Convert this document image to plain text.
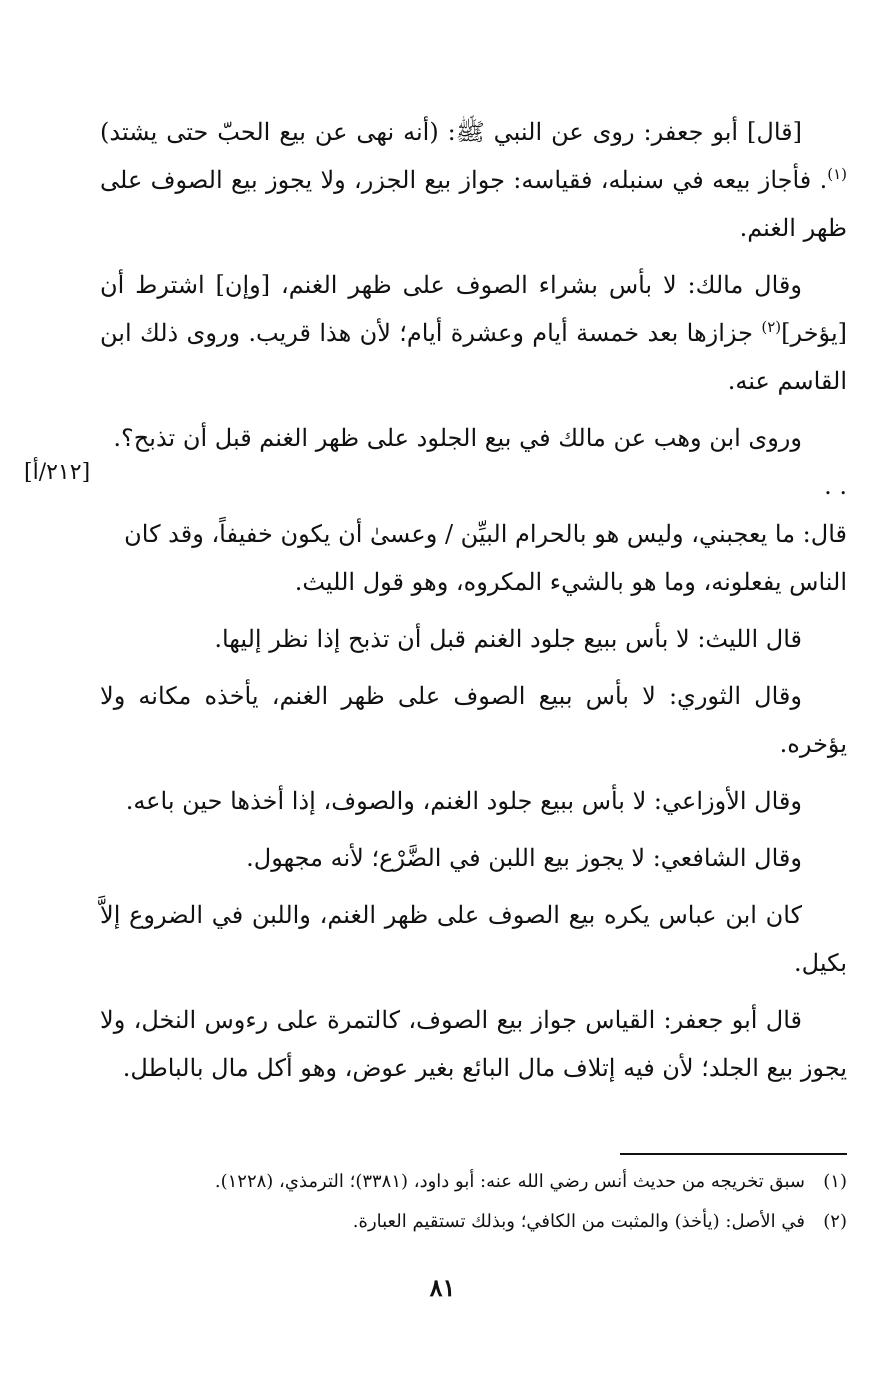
[قال] أبو جعفر: روى عن النبي ﷺ: (أنه نهى عن بيع الحبّ حتى يشتد)$^{(١)}$. فأجاز بيعه في سنبله، فقياسه: جواز بيع الجزر، ولا يجوز بيع الصوف على ظهر الغنم.

وقال مالك: لا بأس بشراء الصوف على ظهر الغنم، [وإن] اشترط أن [يؤخر]$^{(٢)}$ جزازها بعد خمسة أيام وعشرة أيام؛ لأن هذا قريب. وروى ذلك ابن القاسم عنه.

وروى ابن وهب عن مالك في بيع الجلود على ظهر الغنم قبل أن تذبح؟. . .
قال: ما يعجبني، وليس هو بالحرام البيِّن / وعسىٰ أن يكون خفيفاً، وقد كان
الناس يفعلونه، وما هو بالشيء المكروه، وهو قول الليث.

قال الليث: لا بأس ببيع جلود الغنم قبل أن تذبح إذا نظر إليها.

وقال الثوري: لا بأس ببيع الصوف على ظهر الغنم، يأخذه مكانه ولا يؤخره.

وقال الأوزاعي: لا بأس ببيع جلود الغنم، والصوف، إذا أخذها حين باعه.

وقال الشافعي: لا يجوز بيع اللبن في الضَّرْع؛ لأنه مجهول.

كان ابن عباس يكره بيع الصوف على ظهر الغنم، واللبن في الضروع إلاَّ بكيل.

قال أبو جعفر: القياس جواز بيع الصوف، كالتمرة على رءوس النخل، ولا يجوز بيع الجلد؛ لأن فيه إتلاف مال البائع بغير عوض، وهو أكل مال بالباطل.

[٢١٢/أ]

(١)سبق تخريجه من حديث أنس رضي الله عنه: أبو داود، (٣٣٨١)؛ الترمذي، (١٢٢٨).

(٢)في الأصل: (يأخذ) والمثبت من الكافي؛ وبذلك تستقيم العبارة.

٨١
